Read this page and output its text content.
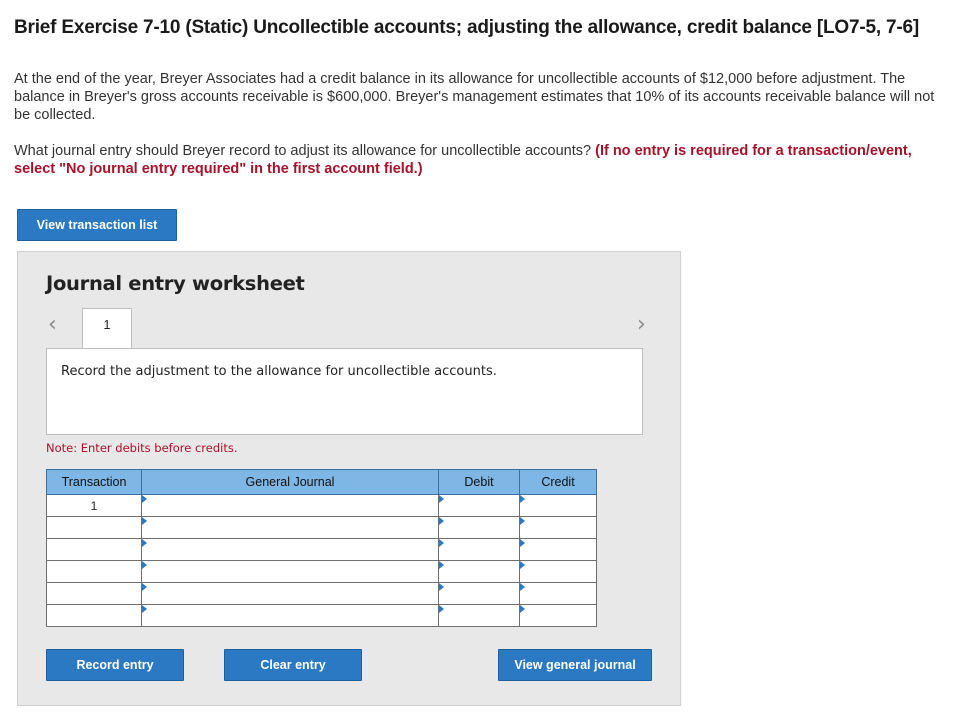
Brief Exercise 7-10 (Static) Uncollectible accounts; adjusting the allowance, credit balance [LO7-5, 7-6]
At the end of the year, Breyer Associates had a credit balance in its allowance for uncollectible accounts of $12,000 before adjustment. The balance in Breyer's gross accounts receivable is $600,000. Breyer's management estimates that 10% of its accounts receivable balance will not be collected.
What journal entry should Breyer record to adjust its allowance for uncollectible accounts? (If no entry is required for a transaction/event, select "No journal entry required" in the first account field.)
View transaction list
Journal entry worksheet
‹	1	›
Record the adjustment to the allowance for uncollectible accounts.
Note: Enter debits before credits.
Transaction	General Journal	Debit	Credit
1			

Record entry	Clear entry	View general journal
